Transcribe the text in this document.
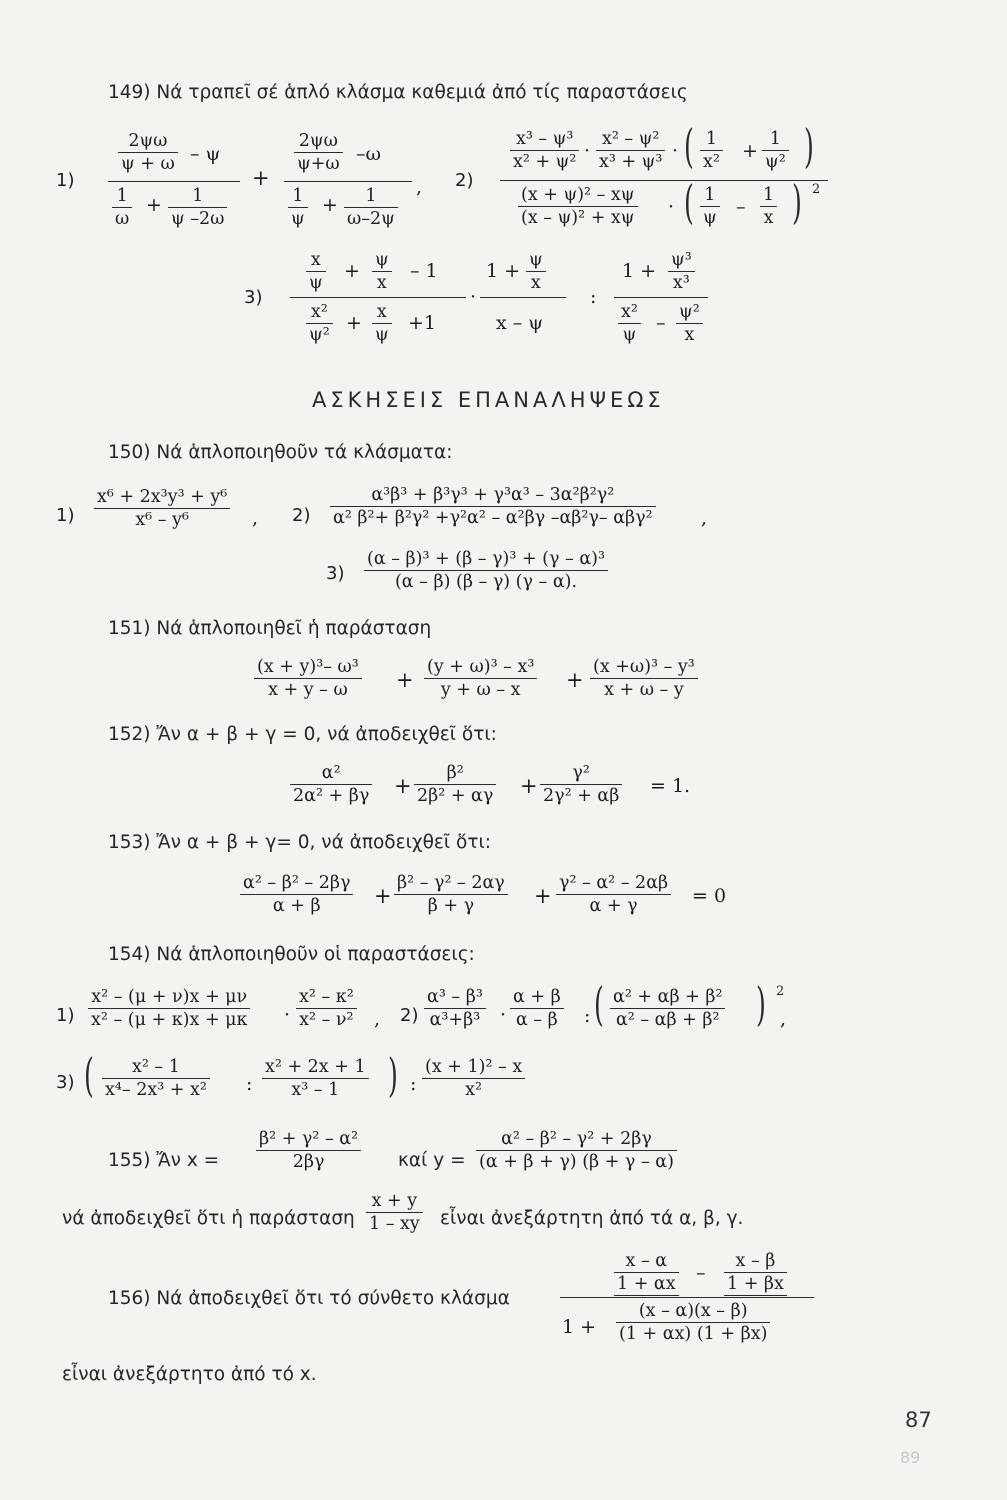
149) Νά τραπεῖ σέ ἁπλό κλάσμα καθεμιά ἀπό τίς παραστάσεις
1)
$\frac{2\psi\omega}{\psi + \omega}$ – ψ
$\frac{1}{\omega} + \frac{1}{\psi -2\omega}$
+
$\frac{2\psi\omega}{\psi+\omega} -\omega$
$\frac{1}{\psi} + \frac{1}{\omega-2\psi}$ , 2)
$\frac{\text{x³ – ψ³}}{\text{x² + ψ²}} \cdot \frac{\text{x² – ψ²}}{\text{x³ + ψ³}}$ · ( $\frac{1}{\text{x²}} + \frac{1}{\text{ψ²}}$ )
$\frac{\text{(x + ψ)² – xψ}}{\text{(x – ψ)² + xψ}}$ · ( $\frac{1}{\psi} - \frac{1}{x}$ ) 2
3)
$\frac{x}{\psi} + \frac{\psi}{x} - 1$
$\frac{\text{x²}}{\text{ψ²}} + \frac{x}{\psi} +1$
·
$1 + \frac{\psi}{x}$
x – ψ
:
$1 + \frac{\text{ψ³}}{\text{x³}}$
$\frac{\text{x²}}{\psi} - \frac{\text{ψ²}}{x}$
ΑΣΚΗΣΕΙΣ ΕΠΑΝΑΛΗΨΕΩΣ
150) Νά ἁπλοποιηθοῦν τά κλάσματα:
$1) \frac{\text{x⁶ + 2x³y³ + y⁶}}{\text{x⁶ – y⁶}}$ , 2)
α³β³ + β³γ³ + γ³α³ – 3α²β²γ²
α² β²+ β²γ² +γ²α² – α²βγ –αβ²γ– αβγ²	,
$3) \frac{\text{(α – β)³ + (β – γ)³ + (γ – α)³}}{(\alpha - \beta) (\beta - \gamma) (\gamma - \alpha).}$
151) Νά ἁπλοποιηθεῖ ἡ παράσταση
$\frac{\text{(x + y)³– ω³}}{x + y - \omega} + \frac{\text{(y + ω)³ – x³}}{y + \omega - x} + \frac{\text{(x +ω)³ – y³}}{x + \omega - y}$
152) Ἄν α + β + γ = 0, νά ἀποδειχθεῖ ὅτι:
$\frac{\text{α²}}{\text{2α² + βγ}} + \frac{\text{β²}}{\text{2β² + αγ}} + \frac{\text{γ²}}{\text{2γ² + αβ}} = 1$.
153) Ἄν α + β + γ= 0, νά ἀποδειχθεῖ ὅτι:
$\frac{\text{α² – β² – 2βγ}}{\alpha + \beta} + \frac{\text{β² – γ² – 2αγ}}{\beta + \gamma} + \frac{\text{γ² – α² – 2αβ}}{\alpha + \gamma} = 0$
154) Νά ἁπλοποιηθοῦν οἱ παραστάσεις:
$1) \frac{\text{x² – (μ + ν)x + μν}}{\text{x² – (μ + κ)x + μκ}} \cdot \frac{\text{x² – κ²}}{\text{x² – ν²}}$ , $2) \frac{\text{α³ – β³}}{\text{α³+β³}} \cdot \frac{\alpha + \beta}{\alpha - \beta}$ : ( $\frac{\text{α² + αβ + β²}}{\text{α² – αβ + β²}}$ ) 2
,
3) ( $\frac{\text{x² – 1}}{\text{x⁴– 2x³ + x²}}$ : $\frac{\text{x² + 2x + 1}}{\text{x³ – 1}}$ ) : $\frac{\text{(x + 1)² – x}}{\text{x²}}$
155) Ἄν $x = \frac{\text{β² + γ² – α²}}{2\beta\gamma}$ καί $y = \frac{\text{α² – β² – γ² + 2βγ}}{(\alpha + \beta + \gamma) (\beta + \gamma - \alpha)}$
νά ἀποδειχθεῖ ὅτι ἡ παράσταση $\frac{x + y}{1 - xy}$ εἶναι ἀνεξάρτητη ἀπό τά α, β, γ.
156) Νά ἀποδειχθεῖ ὅτι τό σύνθετο κλάσμα
$\frac{x - \alpha}{1 + \alpha x} - \frac{x - \beta}{1 + \beta x}$
$1 + \frac{(x - \alpha)(x - \beta)}{(1 + \alpha x) (1 + \beta x)}$
εἶναι ἀνεξάρτητο ἀπό τό x.
87
89
